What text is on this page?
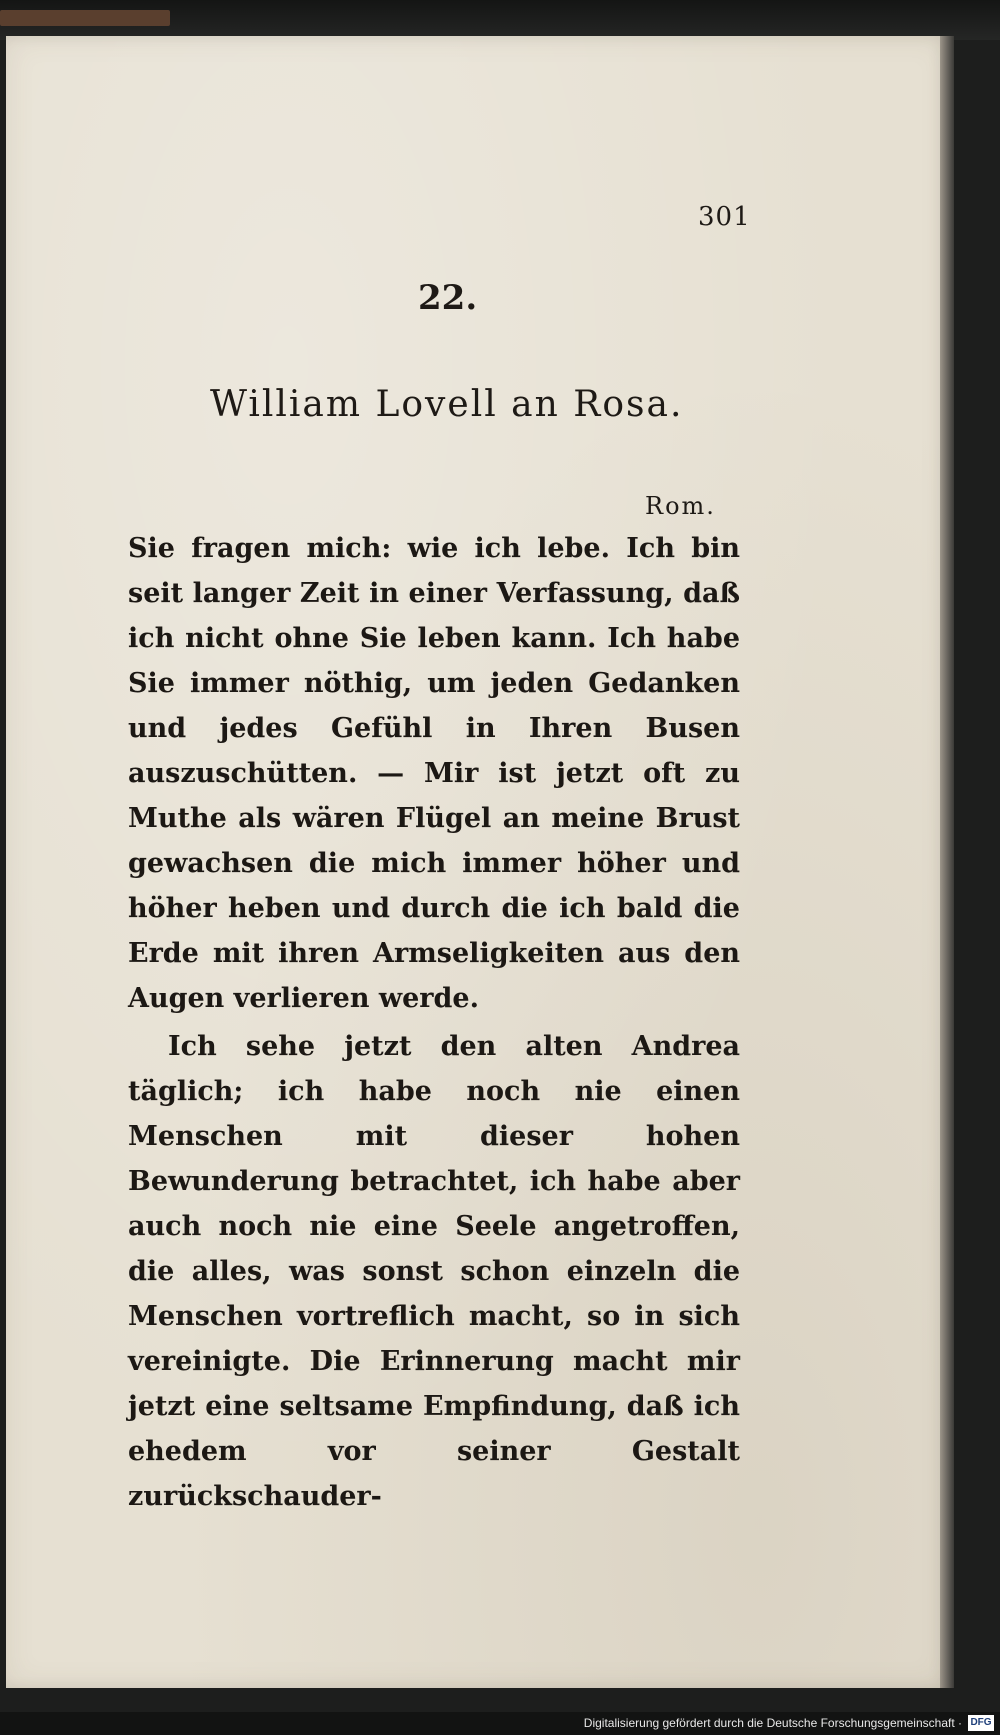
301
22.
William Lovell an Rosa.
Rom.

Sie fragen mich: wie ich lebe. Ich bin seit langer Zeit in einer Verfassung, daß ich nicht ohne Sie leben kann. Ich habe Sie immer nöthig, um jeden Gedanken und jedes Gefühl in Ihren Busen auszuschütten. — Mir ist jetzt oft zu Muthe als wären Flügel an meine Brust gewachsen die mich immer höher und höher heben und durch die ich bald die Erde mit ihren Armseligkeiten aus den Augen verlieren werde.

Ich sehe jetzt den alten Andrea täglich; ich habe noch nie einen Menschen mit dieser hohen Bewunderung betrachtet, ich habe aber auch noch nie eine Seele angetroffen, die alles, was sonst schon einzeln die Menschen vortreflich macht, so in sich vereinigte. Die Erinnerung macht mir jetzt eine seltsame Empfindung, daß ich ehedem vor seiner Gestalt zurückschauder-

Digitalisierung gefördert durch die Deutsche Forschungsgemeinschaft · DFG
